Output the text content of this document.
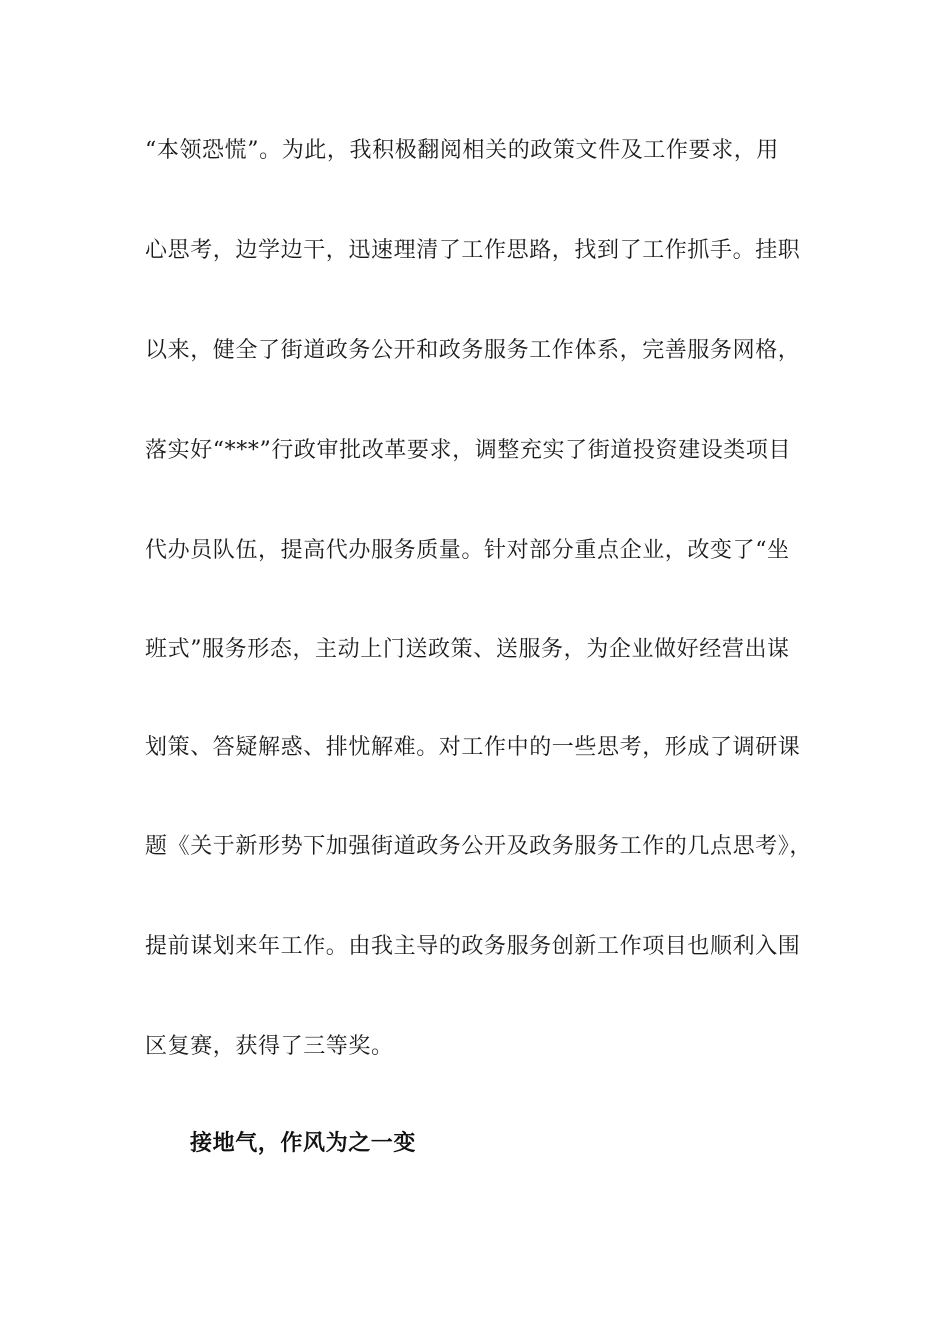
“本领恐慌”。为此，我积极翻阅相关的政策文件及工作要求，用
心思考，边学边干，迅速理清了工作思路，找到了工作抓手。挂职
以来，健全了街道政务公开和政务服务工作体系，完善服务网格，
落实好“***”行政审批改革要求，调整充实了街道投资建设类项目
代办员队伍，提高代办服务质量。针对部分重点企业，改变了“坐
班式”服务形态，主动上门送政策、送服务，为企业做好经营出谋
划策、答疑解惑、排忧解难。对工作中的一些思考，形成了调研课
题《关于新形势下加强街道政务公开及政务服务工作的几点思考》，
提前谋划来年工作。由我主导的政务服务创新工作项目也顺利入围
区复赛，获得了三等奖。
接地气，作风为之一变
